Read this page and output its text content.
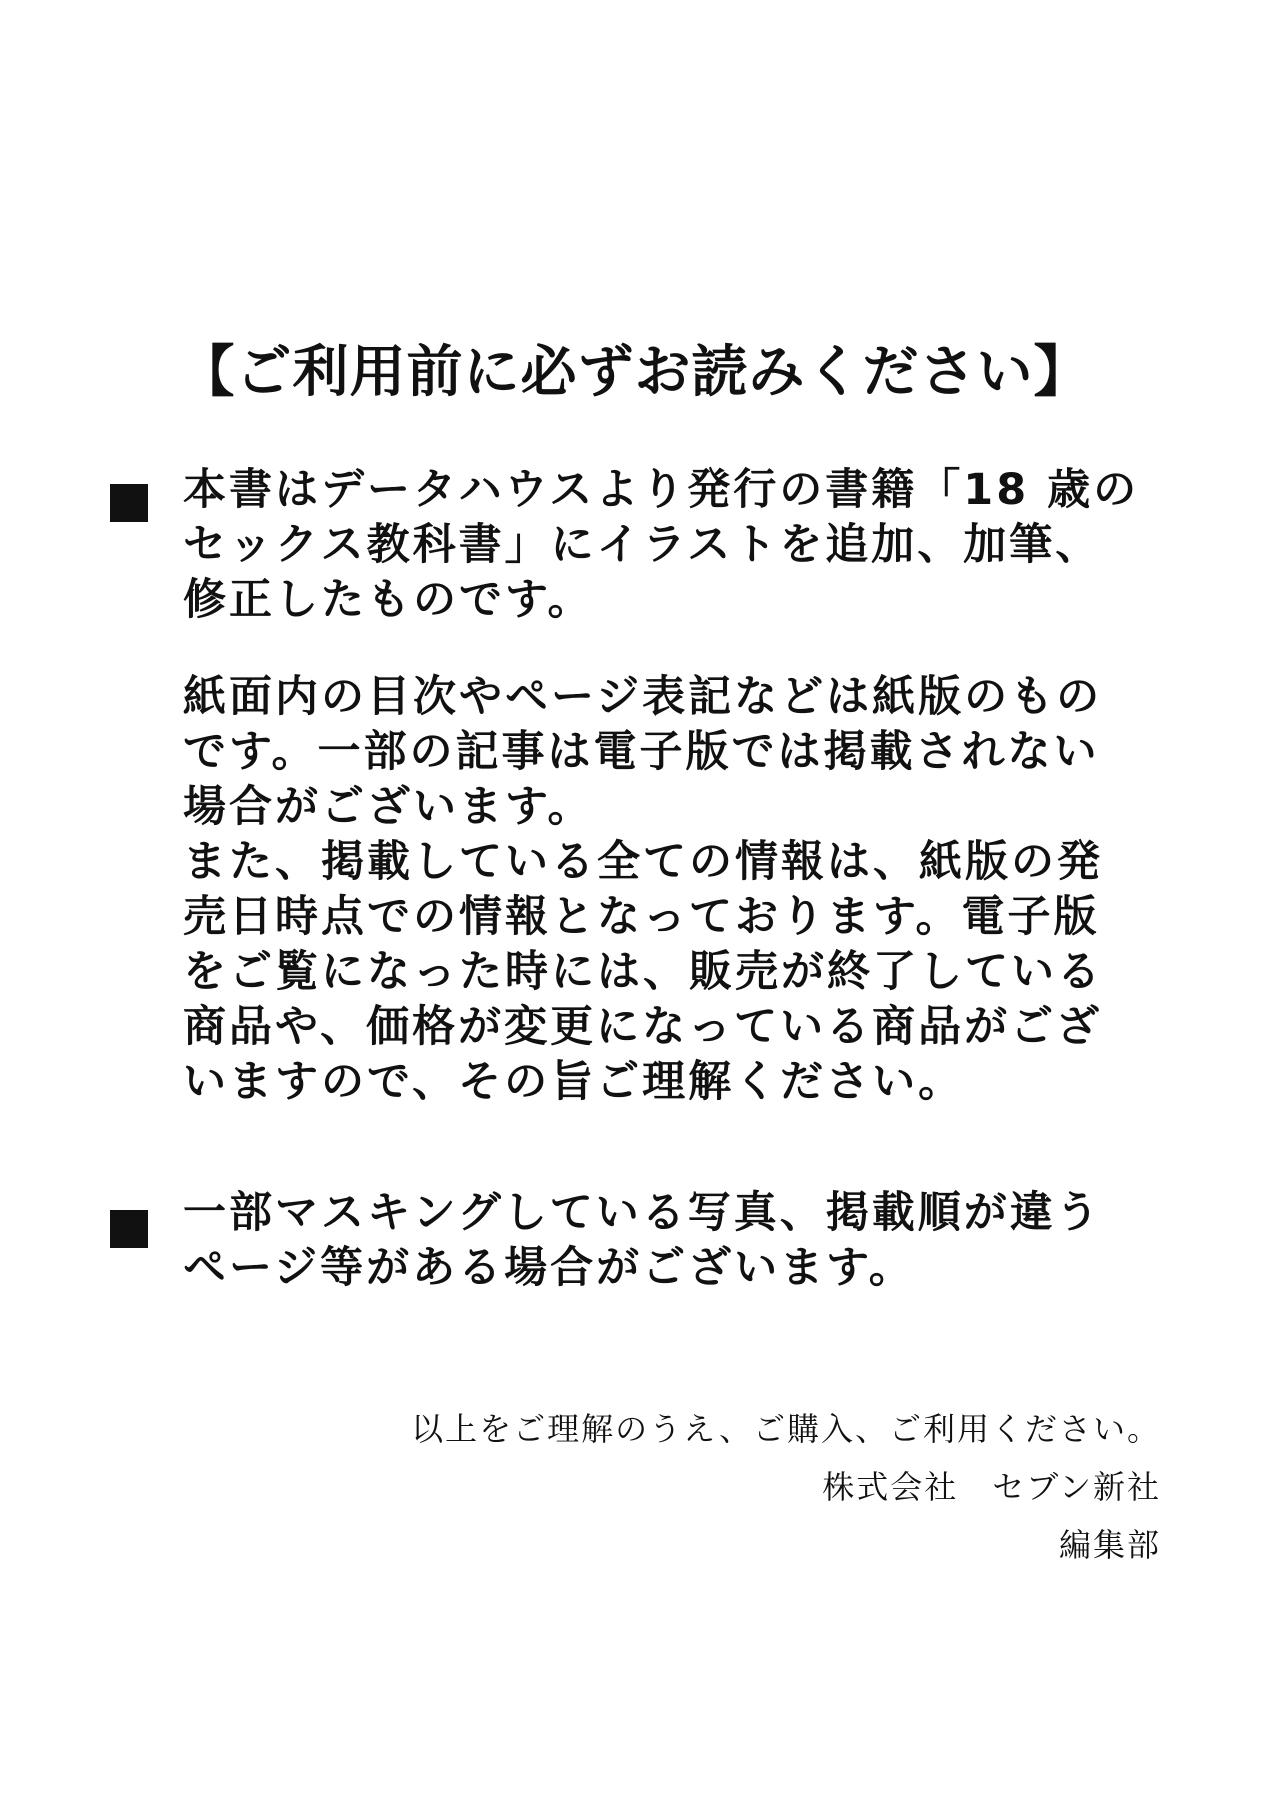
【ご利用前に必ずお読みください】
本書はデータハウスより発行の書籍「18 歳の
セックス教科書」にイラストを追加、加筆、
修正したものです。
紙面内の目次やページ表記などは紙版のもの
です。一部の記事は電子版では掲載されない
場合がございます。
また、掲載している全ての情報は、紙版の発
売日時点での情報となっております。電子版
をご覧になった時には、販売が終了している
商品や、価格が変更になっている商品がござ
いますので、その旨ご理解ください。
一部マスキングしている写真、掲載順が違う
ページ等がある場合がございます。
以上をご理解のうえ、ご購入、ご利用ください。
株式会社　セブン新社
編集部
